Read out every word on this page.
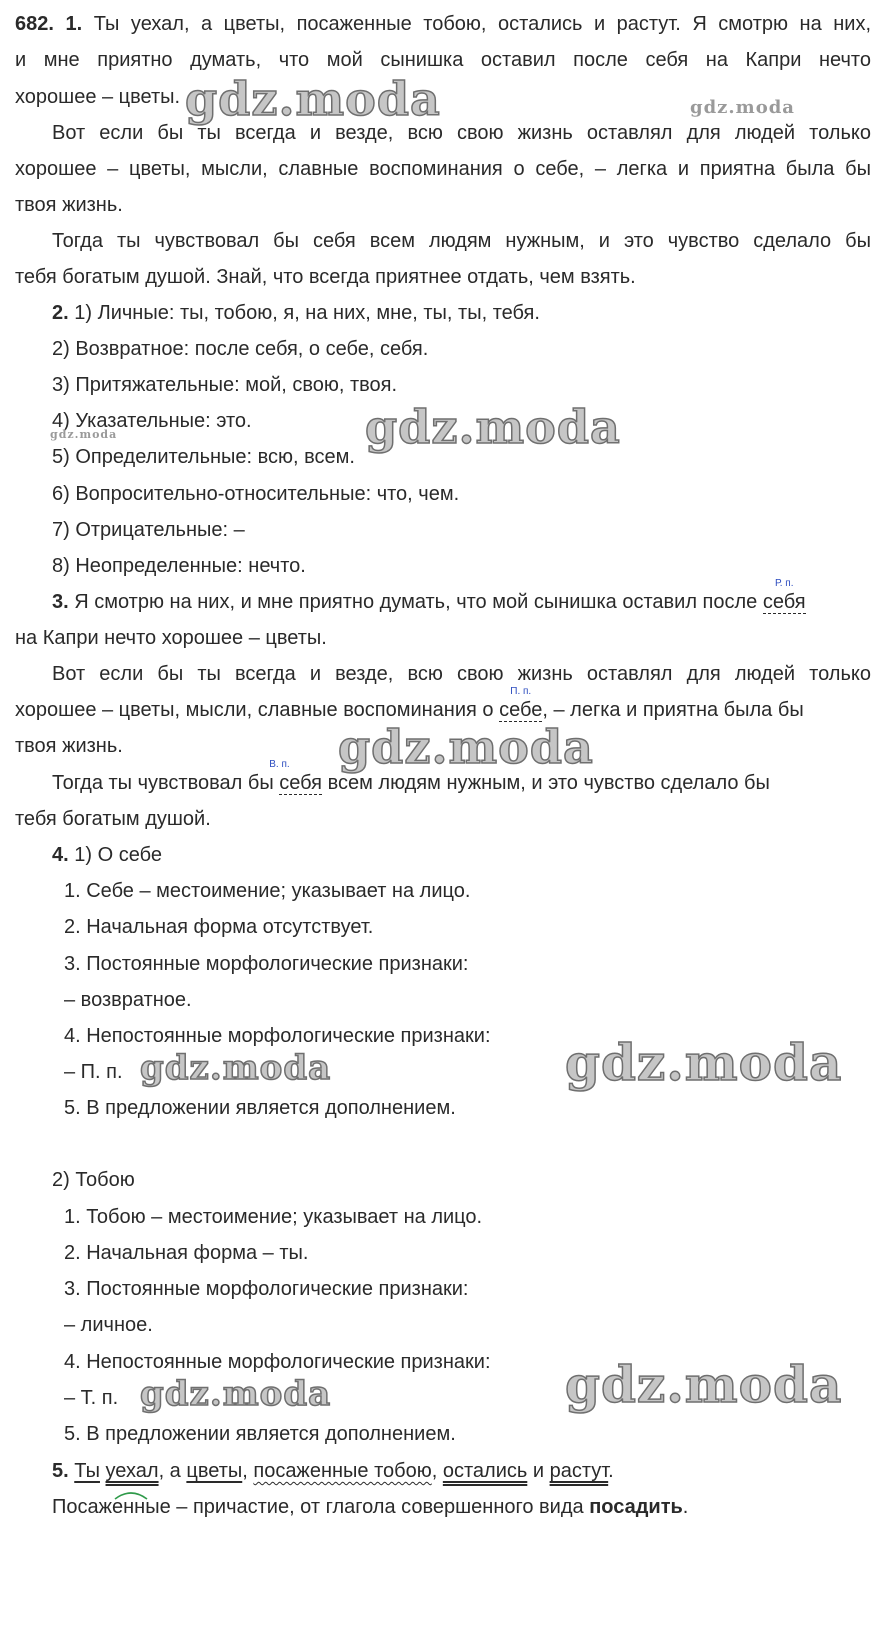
682. 1. Ты уехал, а цветы, посаженные тобою, остались и растут. Я смотрю на них,
и мне приятно думать, что мой сынишка оставил после себя на Капри нечто
хорошее – цветы.
Вот если бы ты всегда и везде, всю свою жизнь оставлял для людей только
хорошее – цветы, мысли, славные воспоминания о себе, – легка и приятна была бы
твоя жизнь.
Тогда ты чувствовал бы себя всем людям нужным, и это чувство сделало бы
тебя богатым душой. Знай, что всегда приятнее отдать, чем взять.
2. 1) Личные: ты, тобою, я, на них, мне, ты, ты, тебя.
2) Возвратное: после себя, о себе, себя.
3) Притяжательные: мой, свою, твоя.
4) Указательные: это.
5) Определительные: всю, всем.
6) Вопросительно-относительные: что, чем.
7) Отрицательные: –
8) Неопределенные: нечто.
3. Я смотрю на них, и мне приятно думать, что мой сынишка оставил после
Р. п.
себя
на Капри нечто хорошее – цветы.
Вот если бы ты всегда и везде, всю свою жизнь оставлял для людей только
хорошее – цветы, мысли, славные воспоминания о
П. п.
себе, – легка и приятна была бы
твоя жизнь.
Тогда ты чувствовал бы
В. п.
себя всем людям нужным, и это чувство сделало бы
тебя богатым душой.
4. 1) О себе
1. Себе – местоимение; указывает на лицо.
2. Начальная форма отсутствует.
3. Постоянные морфологические признаки:
– возвратное.
4. Непостоянные морфологические признаки:
– П. п.
5. В предложении является дополнением.
2) Тобою
1. Тобою – местоимение; указывает на лицо.
2. Начальная форма – ты.
3. Постоянные морфологические признаки:
– личное.
4. Непостоянные морфологические признаки:
– Т. п.
5. В предложении является дополнением.
5. Ты уехал, а цветы, посаженные тобою, остались и растут.
Посаженные – причастие, от глагола совершенного вида посадить.
gdz.moda	gdz.moda
gdz.moda
gdz.moda
gdz.moda
gdz.moda
gdz.moda
gdz.moda
gdz.moda
